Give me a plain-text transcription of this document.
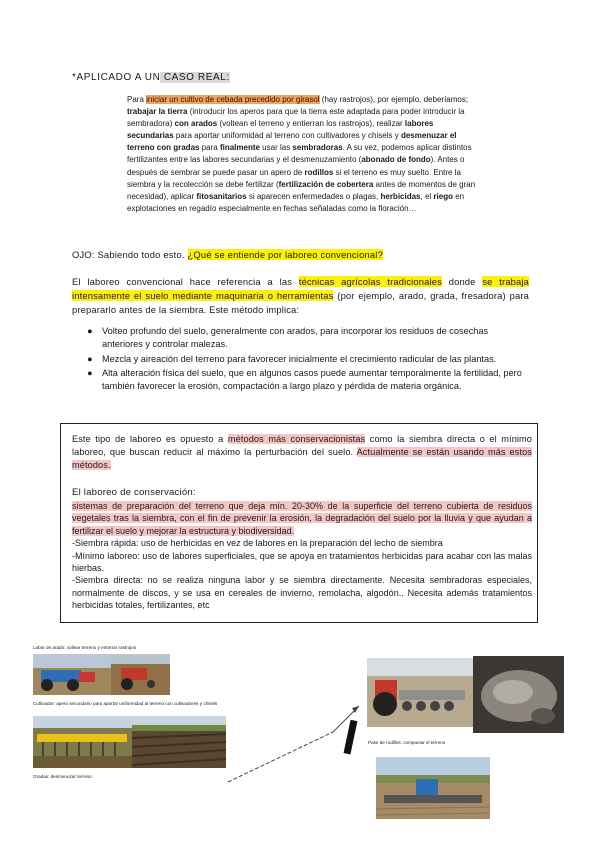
*APLICADO A UN CASO REAL:
Para iniciar un cultivo de cebada precedido por girasol (hay rastrojos), por ejemplo, deberíamos; trabajar la tierra (introducir los aperos para que la tierra este adaptada para poder introducir la sembradora) con arados (voltean el terreno y entierran los rastrojos), realizar labores secundarias para aportar uniformidad al terreno con cultivadores y chisels y desmenuzar el terreno con gradas para finalmente usar las sembradoras. A su vez, podemos aplicar distintos fertilizantes entre las labores secundarias y el desmenuzamiento (abonado de fondo). Antes o después de sembrar se puede pasar un apero de rodillos si el terreno es muy suelto. Entre la siembra y la recolección se debe fertilizar (fertilización de cobertera antes de momentos de gran necesidad), aplicar fitosanitarios si aparecen enfermedades o plagas, herbicidas, el riego en explotaciones en regadío especialmente en fechas señaladas como la floración…
OJO: Sabiendo todo esto. ¿Qué se entiende por laboreo convencional?
El laboreo convencional hace referencia a las técnicas agrícolas tradicionales donde se trabaja intensamente el suelo mediante maquinaria o herramientas (por ejemplo, arado, grada, fresadora) para prepararlo antes de la siembra. Este método implica:
● Volteo profundo del suelo, generalmente con arados, para incorporar los residuos de cosechas anteriores y controlar malezas.
● Mezcla y aireación del terreno para favorecer inicialmente el crecimiento radicular de las plantas.
● Alta alteración física del suelo, que en algunos casos puede aumentar temporalmente la fertilidad, pero también favorecer la erosión, compactación a largo plazo y pérdida de materia orgánica.
Este tipo de laboreo es opuesto a métodos más conservacionistas como la siembra directa o el mínimo laboreo, que buscan reducir al máximo la perturbación del suelo. Actualmente se están usando más estos métodos.
El laboreo de conservación:
sistemas de preparación del terreno que deja mín. 20-30% de la superficie del terreno cubierta de residuos vegetales tras la siembra, con el fin de prevenir la erosión, la degradación del suelo por la lluvia y que ayudan a fertilizar el suelo y mejorar la estructura y biodiversidad.
-Siembra rápida: uso de herbicidas en vez de labores en la preparación del lecho de siembra
-Mínimo laboreo: uso de labores superficiales, que se apoya en tratamientos herbicidas para acabar con las malas hierbas.
-Siembra directa: no se realiza ninguna labor y se siembra directamente. Necesita sembradoras especiales, normalmente de discos, y se usa en cereales de invierno, remolacha, algodón.. Necesita además tratamientos herbicidas totales, fertilizantes, etc
Labor de arado: voltear terreno y enterrar rastrojos
Cultivador: apero secundario para aportar uniformidad al terreno con cultivadores y chisels
Gradas: desmenuzar terreno
Pase de rodillos: compactar el terreno
